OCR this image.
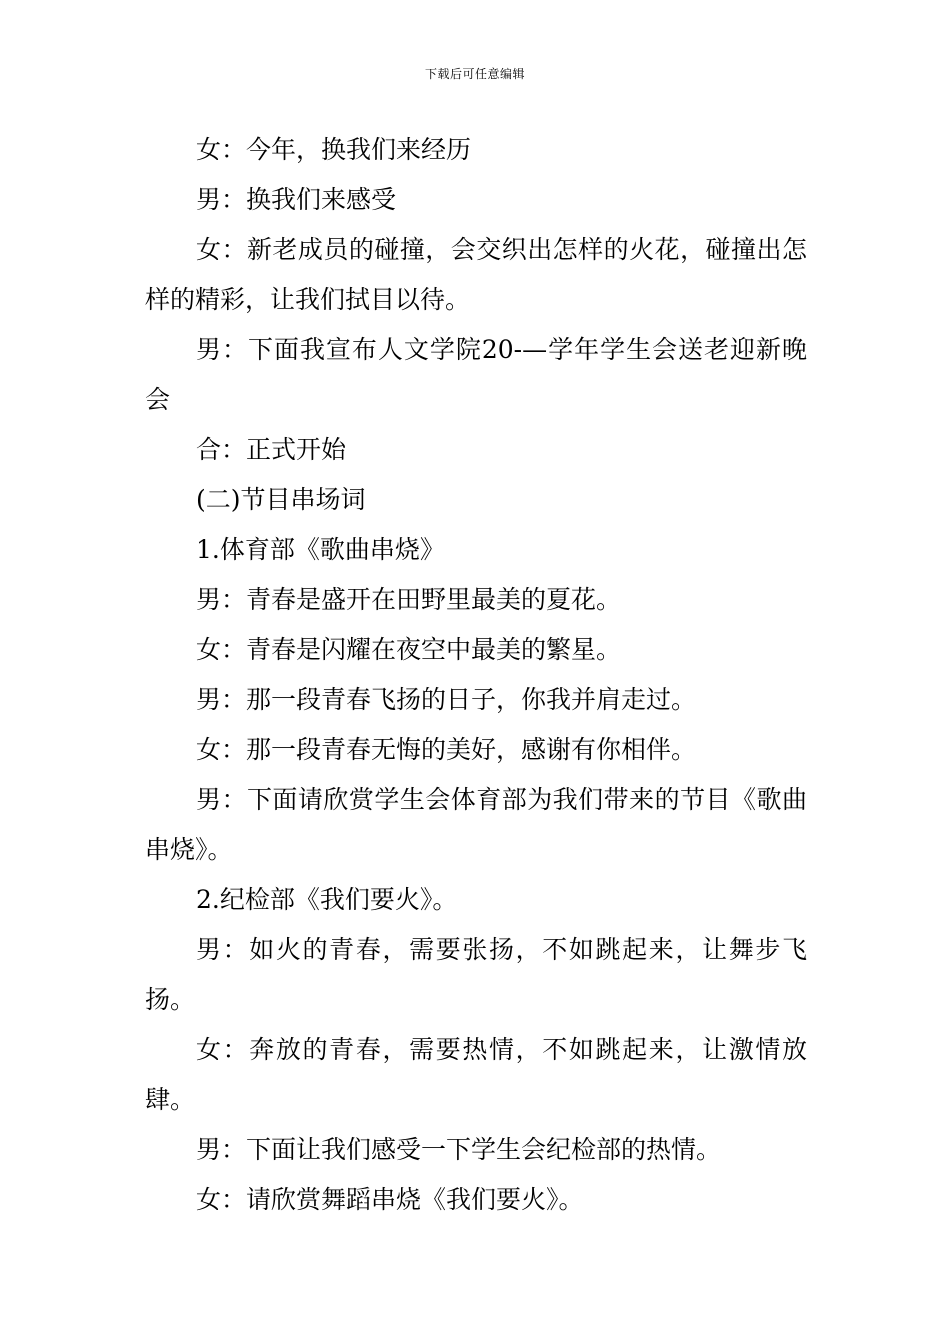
下载后可任意编辑

女：今年，换我们来经历

男：换我们来感受

女：新老成员的碰撞，会交织出怎样的火花，碰撞出怎样的精彩，让我们拭目以待。

男：下面我宣布人文学院20-—学年学生会送老迎新晚会

合：正式开始

(二)节目串场词

1.体育部《歌曲串烧》

男：青春是盛开在田野里最美的夏花。

女：青春是闪耀在夜空中最美的繁星。

男：那一段青春飞扬的日子，你我并肩走过。

女：那一段青春无悔的美好，感谢有你相伴。

男：下面请欣赏学生会体育部为我们带来的节目《歌曲串烧》。

2.纪检部《我们要火》。

男：如火的青春，需要张扬，不如跳起来，让舞步飞扬。

女：奔放的青春，需要热情，不如跳起来，让激情放肆。

男：下面让我们感受一下学生会纪检部的热情。

女：请欣赏舞蹈串烧《我们要火》。
